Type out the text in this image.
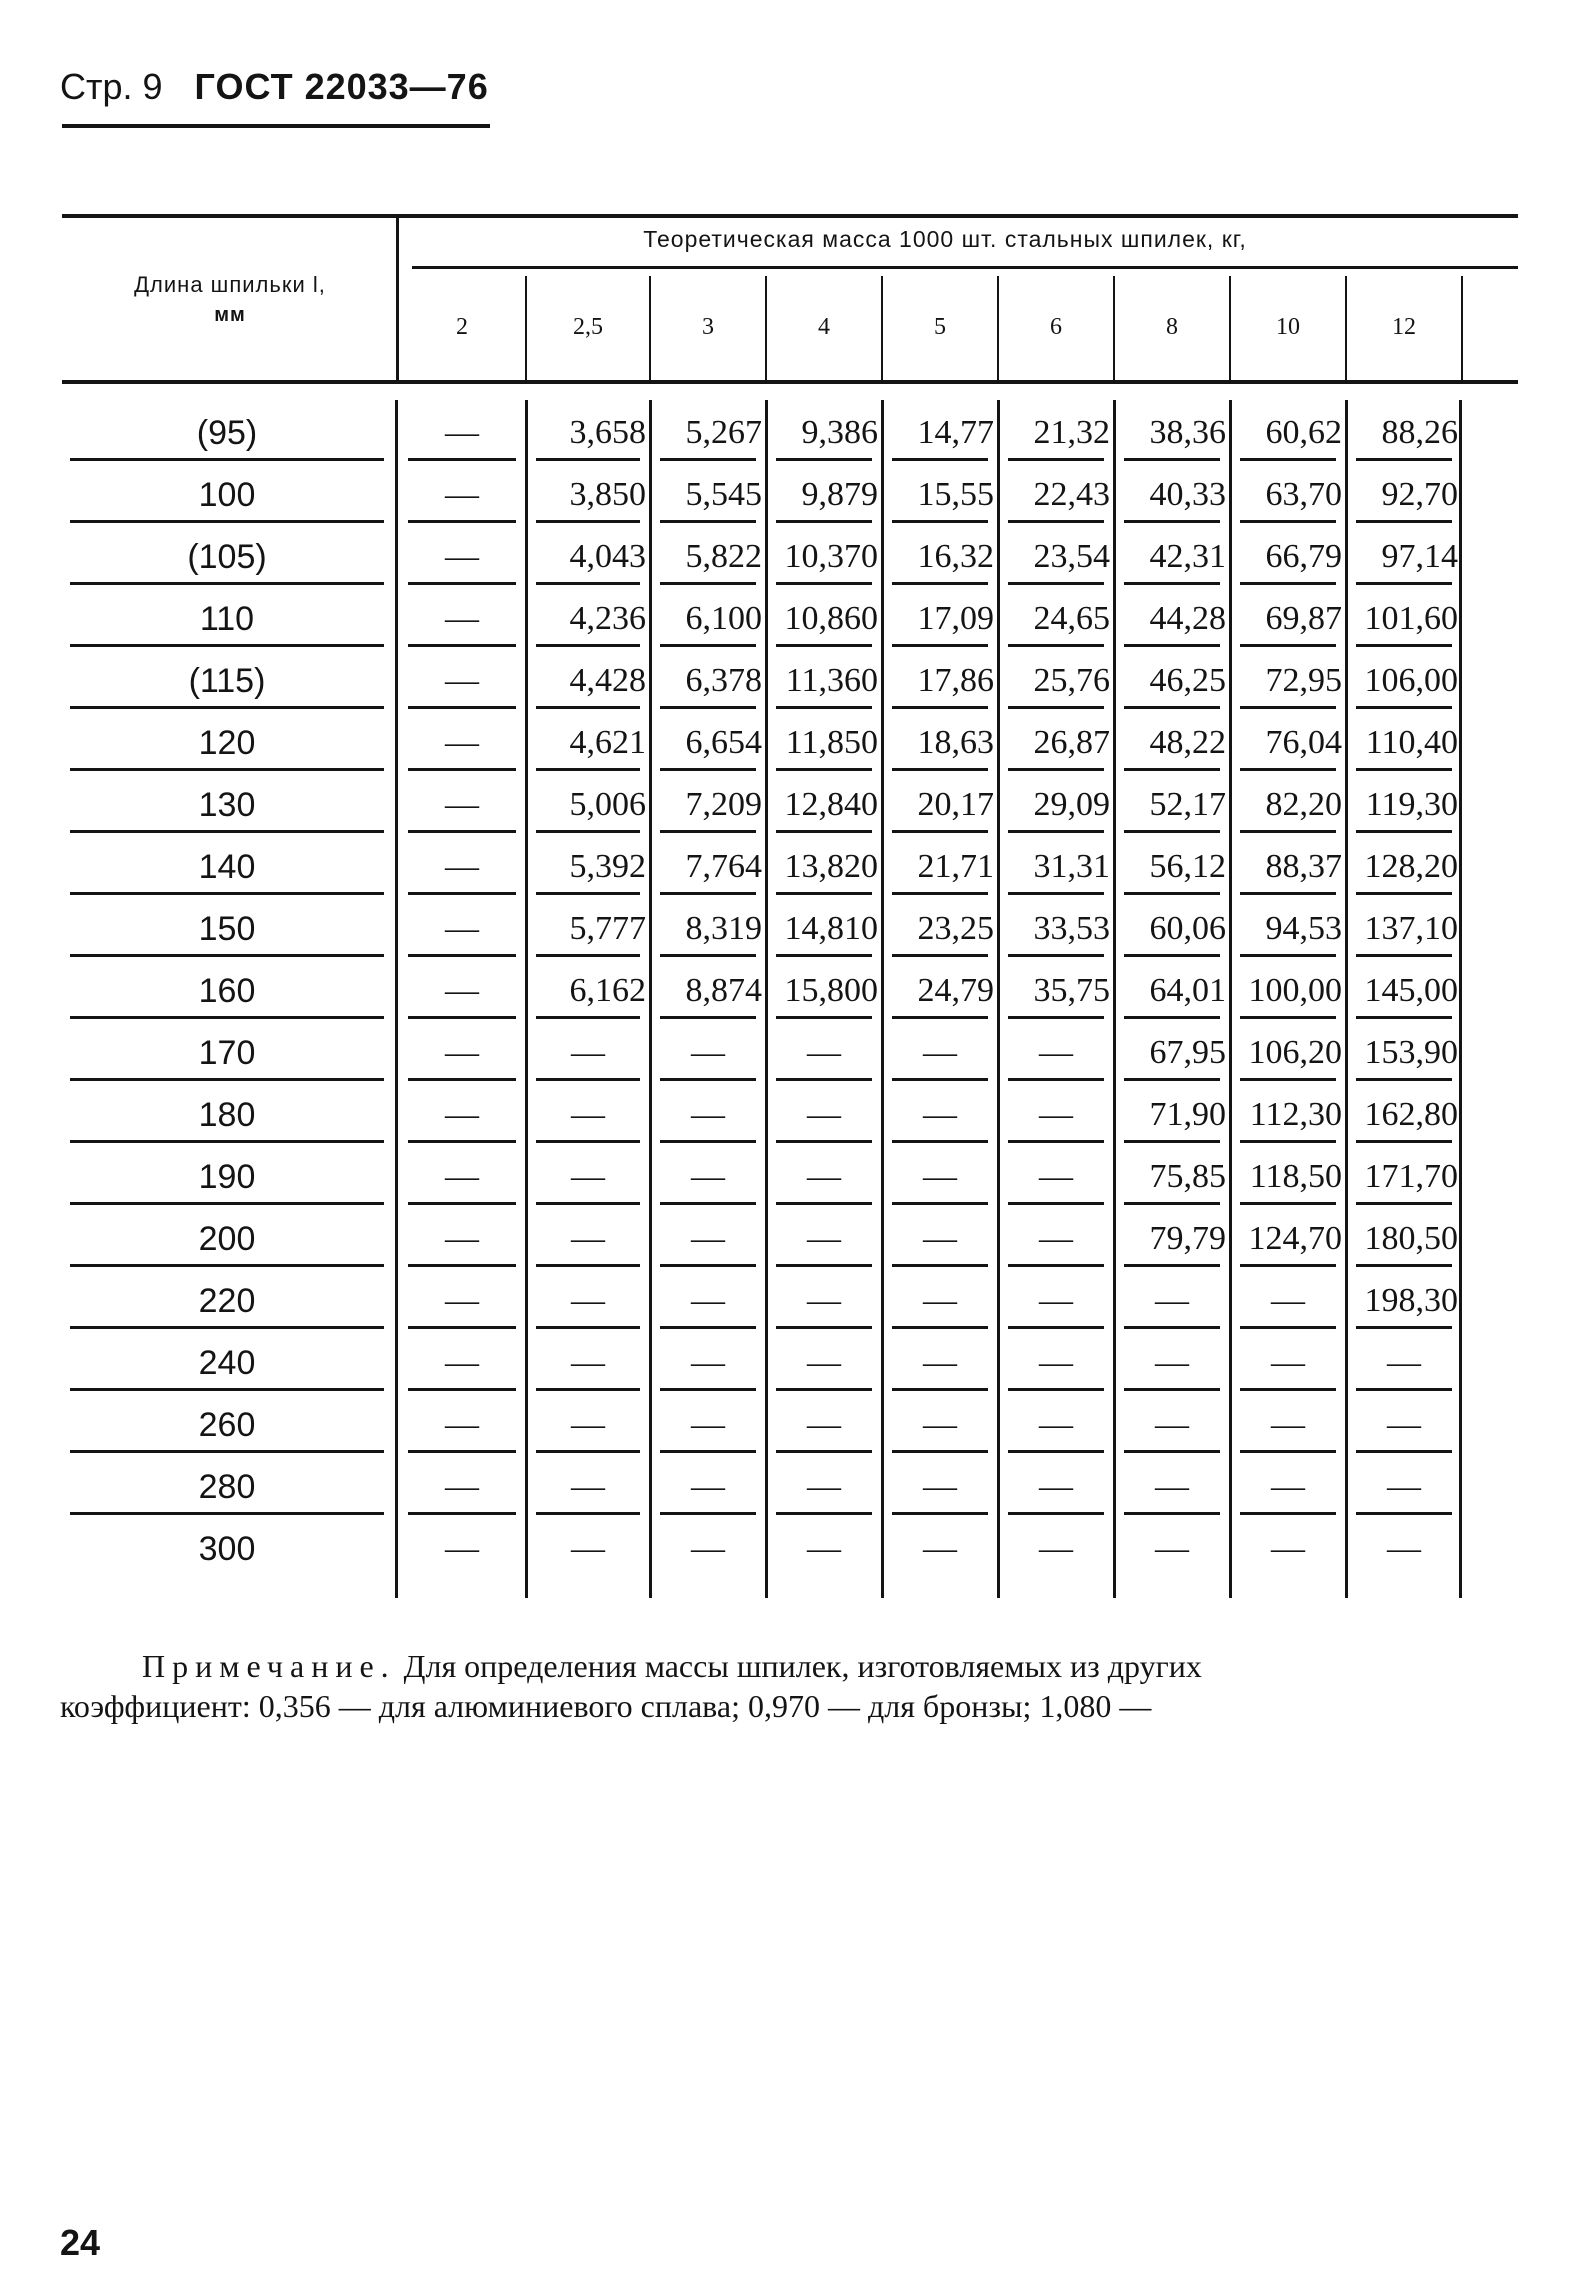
Стр. 9 ГОСТ 22033—76
Длина шпильки l,
мм
Теоретическая масса 1000 шт. стальных шпилек, кг,
2	2,5	3	4	5	6	8	10	12
(95)	—	3,658	5,267	9,386	14,77	21,32	38,36	60,62	88,26
100	—	3,850	5,545	9,879	15,55	22,43	40,33	63,70	92,70
(105)	—	4,043	5,822 10,370	16,32	23,54	42,31	66,79	97,14
110	—	4,236	6,100 10,860	17,09	24,65	44,28	69,87 101,60
(115)	—	4,428	6,378 11,360	17,86	25,76	46,25	72,95 106,00
120	—	4,621	6,654 11,850	18,63	26,87	48,22	76,04 110,40
130	—	5,006	7,209 12,840	20,17	29,09	52,17	82,20 119,30
140	—	5,392	7,764 13,820	21,71	31,31	56,12	88,37 128,20
150	—	5,777	8,319 14,810	23,25	33,53	60,06	94,53 137,10
160	—	6,162	8,874 15,800	24,79	35,75	64,01 100,00 145,00
170	—	—	—	—	—	—	67,95 106,20 153,90
180	—	—	—	—	—	—	71,90 112,30 162,80
190	—	—	—	—	—	—	75,85 118,50 171,70
200	—	—	—	—	—	—	79,79 124,70 180,50
220	—	—	—	—	—	—	—	—	198,30
240	—	—	—	—	—	—	—	—	—
260	—	—	—	—	—	—	—	—	—
280	—	—	—	—	—	—	—	—	—
300	—	—	—	—	—	—	—	—	—
Примечание. Для определения массы шпилек, изготовляемых из других
коэффициент: 0,356 — для алюминиевого сплава; 0,970 — для бронзы; 1,080 —
24
